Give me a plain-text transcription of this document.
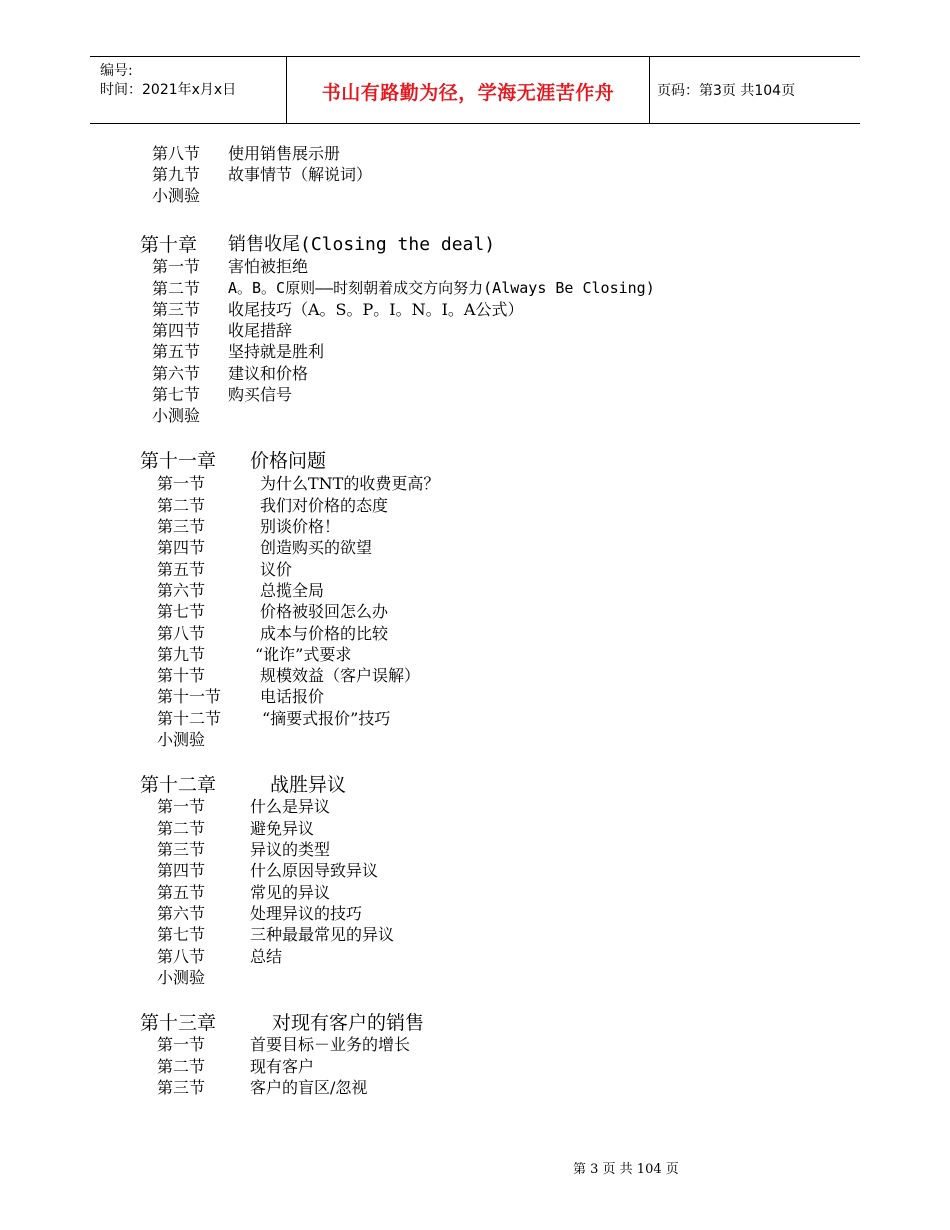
编号:
时间：2021年x月x日	书山有路勤为径，学海无涯苦作舟	页码：第3页 共104页
第八节 使用销售展示册
第九节 故事情节（解说词）
小测验
第十章 销售收尾(Closing the deal)
第一节 害怕被拒绝
第二节 A。B。C原则——时刻朝着成交方向努力(Always Be Closing)
第三节 收尾技巧（A。S。P。I。N。I。A公式）
第四节 收尾措辞
第五节 坚持就是胜利
第六节 建议和价格
第七节 购买信号
小测验
第十一章 价格问题
第一节	为什么TNT的收费更高？
第二节	我们对价格的态度
第三节	别谈价格！
第四节	创造购买的欲望
第五节	议价
第六节	总揽全局
第七节	价格被驳回怎么办
第八节	成本与价格的比较
第九节	“讹诈”式要求
第十节	规模效益（客户误解）
第十一节 电话报价
第十二节	“摘要式报价”技巧
小测验
第十二章	战胜异议
第一节	什么是异议
第二节	避免异议
第三节	异议的类型
第四节	什么原因导致异议
第五节	常见的异议
第六节	处理异议的技巧
第七节	三种最最常见的异议
第八节	总结
小测验
第十三章	对现有客户的销售
第一节	首要目标－业务的增长
第二节	现有客户
第三节	客户的盲区/忽视
第 3 页 共 104 页
